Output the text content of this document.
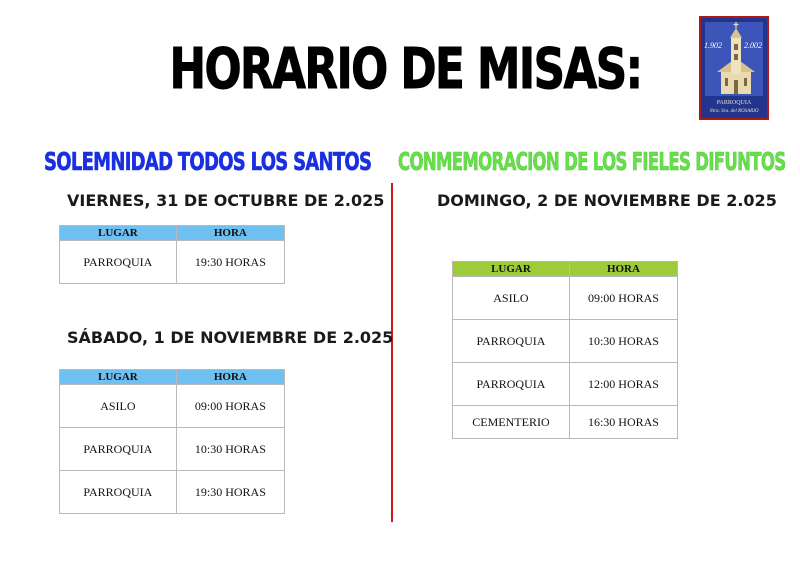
HORARIO DE MISAS:	1.902	2.002
PARROQUIA
Ntra. Sra. del ROSARIO
SOLEMNIDAD TODOS LOS SANTOS CONMEMORACION DE LOS FIELES DIFUNTOS
VIERNES, 31 DE OCTUBRE DE 2.025
LUGAR	HORA
PARROQUIA	19:30 HORAS
SÁBADO, 1 DE NOVIEMBRE DE 2.025
LUGAR	HORA
ASILO	09:00 HORAS
PARROQUIA	10:30 HORAS
PARROQUIA	19:30 HORAS
DOMINGO, 2 DE NOVIEMBRE DE 2.025
LUGAR	HORA
ASILO	09:00 HORAS
PARROQUIA	10:30 HORAS
PARROQUIA	12:00 HORAS
CEMENTERIO	16:30 HORAS
